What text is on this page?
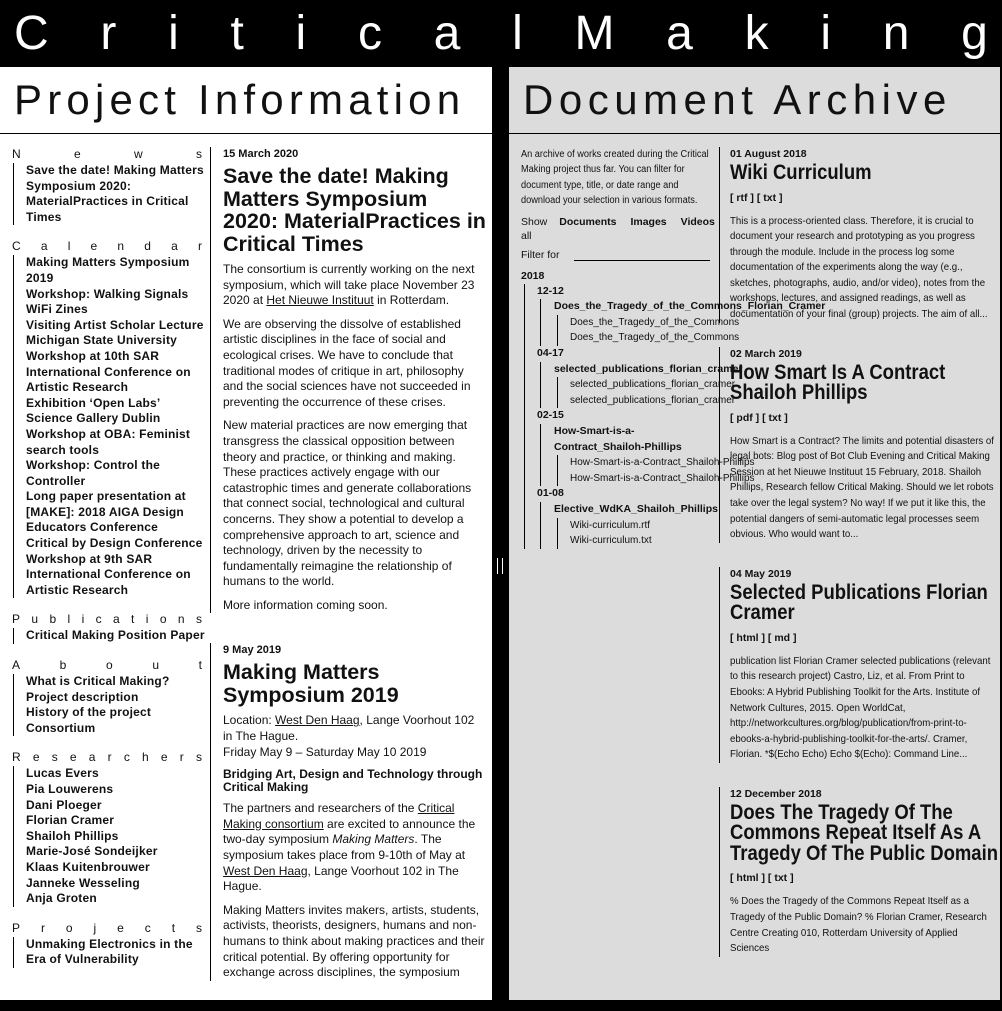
C r i t i c a l M a k i n g
Project Information
N	e	w	s
Save the date! Making Matters Symposium 2020: MaterialPractices in Critical Times
C a l e n d a r
Making Matters Symposium 2019
Workshop: Walking Signals WiFi Zines
Visiting Artist Scholar Lecture Michigan State University
Workshop at 10th SAR International Conference on Artistic Research
Exhibition ‘Open Labs’ Science Gallery Dublin
Workshop at OBA: Feminist search tools
Workshop: Control the Controller
Long paper presentation at [MAKE]: 2018 AIGA Design Educators Conference
Critical by Design Conference
Workshop at 9th SAR International Conference on Artistic Research
P u b l i c a t i o n s
Critical Making Position Paper
A	b	o	u	t
What is Critical Making?
Project description
History of the project
Consortium
R e s e a r c h e r s
Lucas Evers
Pia Louwerens
Dani Ploeger
Florian Cramer
Shailoh Phillips
Marie-José Sondeijker
Klaas Kuitenbrouwer
Janneke Wesseling
Anja Groten
P r o j e c t s
Unmaking Electronics in the Era of Vulnerability
15 March 2020
Save the date! Making Matters Symposium 2020: MaterialPractices in Critical Times

The consortium is currently working on the next symposium, which will take place November 23 2020 at Het Nieuwe Instituut in Rotterdam.

We are observing the dissolve of established artistic disciplines in the face of social and ecological crises. We have to conclude that traditional modes of critique in art, philosophy and the social sciences have not succeeded in preventing the occurrence of these crises.

New material practices are now emerging that transgress the classical opposition between theory and practice, or thinking and making. These practices actively engage with our catastrophic times and generate collaborations that connect social, technological and cultural concerns. They show a potential to develop a comprehensive approach to art, science and technology, driven by the necessity to fundamentally reimagine the relationship of humans to the world.

More information coming soon.

9 May 2019
Making Matters Symposium 2019

Location: West Den Haag, Lange Voorhout 102 in The Hague.
Friday May 9 – Saturday May 10 2019

Bridging Art, Design and Technology through Critical Making

The partners and researchers of the Critical Making consortium are excited to announce the two-day symposium Making Matters. The symposium takes place from 9-10th of May at West Den Haag, Lange Voorhout 102 in The Hague.

Making Matters invites makers, artists, students, activists, theorists, designers, humans and non-humans to think about making practices and their critical potential. By offering opportunity for exchange across disciplines, the symposium

Document Archive

An archive of works created during the Critical Making project thus far. You can filter for document type, title, or date range and download your selection in various formats.

Show all
Documents Images Videos
Filter for
2018
12-12
Does_the_Tragedy_of_the_Commons_Florian_Cramer
Does_the_Tragedy_of_the_Commons
Does_the_Tragedy_of_the_Commons
04-17
selected_publications_florian_cramer
selected_publications_florian_cramer
selected_publications_florian_cramer
02-15
How-Smart-is-a-Contract_Shailoh-Phillips
How-Smart-is-a-Contract_Shailoh-Phillips
How-Smart-is-a-Contract_Shailoh-Phillips
01-08
Elective_WdKA_Shailoh_Phillips
Wiki-curriculum.rtf
Wiki-curriculum.txt
01 August 2018
Wiki Curriculum
[ rtf ] [ txt ]
This is a process-oriented class. Therefore, it is crucial to document your research and prototyping as you progress through the module. Include in the process log some documentation of the experiments along the way (e.g., sketches, photographs, audio, and/or video), notes from the workshops, lectures, and assigned readings, as well as documentation of your final (group) projects. The aim of all...
02 March 2019
How Smart Is A Contract Shailoh Phillips
[ pdf ] [ txt ]
How Smart is a Contract? The limits and potential disasters of legal bots: Blog post of Bot Club Evening and Critical Making Session at het Nieuwe Instituut 15 February, 2018. Shailoh Phillips, Research fellow Critical Making. Should we let robots take over the legal system? No way! If we put it like this, the potential dangers of semi-automatic legal processes seem obvious. Who would want to...
04 May 2019
Selected Publications Florian Cramer
[ html ] [ md ]
publication list Florian Cramer selected publications (relevant to this research project) Castro, Liz, et al. From Print to Ebooks: A Hybrid Publishing Toolkit for the Arts. Institute of Network Cultures, 2015. Open WorldCat, http://networkcultures.org/blog/publication/from-print-to-ebooks-a-hybrid-publishing-toolkit-for-the-arts/. Cramer, Florian. *$(Echo Echo) Echo $(Echo): Command Line...
12 December 2018
Does The Tragedy Of The Commons Repeat Itself As A Tragedy Of The Public Domain
[ html ] [ txt ]
% Does the Tragedy of the Commons Repeat Itself as a Tragedy of the Public Domain? % Florian Cramer, Research Centre Creating 010, Rotterdam University of Applied Sciences
